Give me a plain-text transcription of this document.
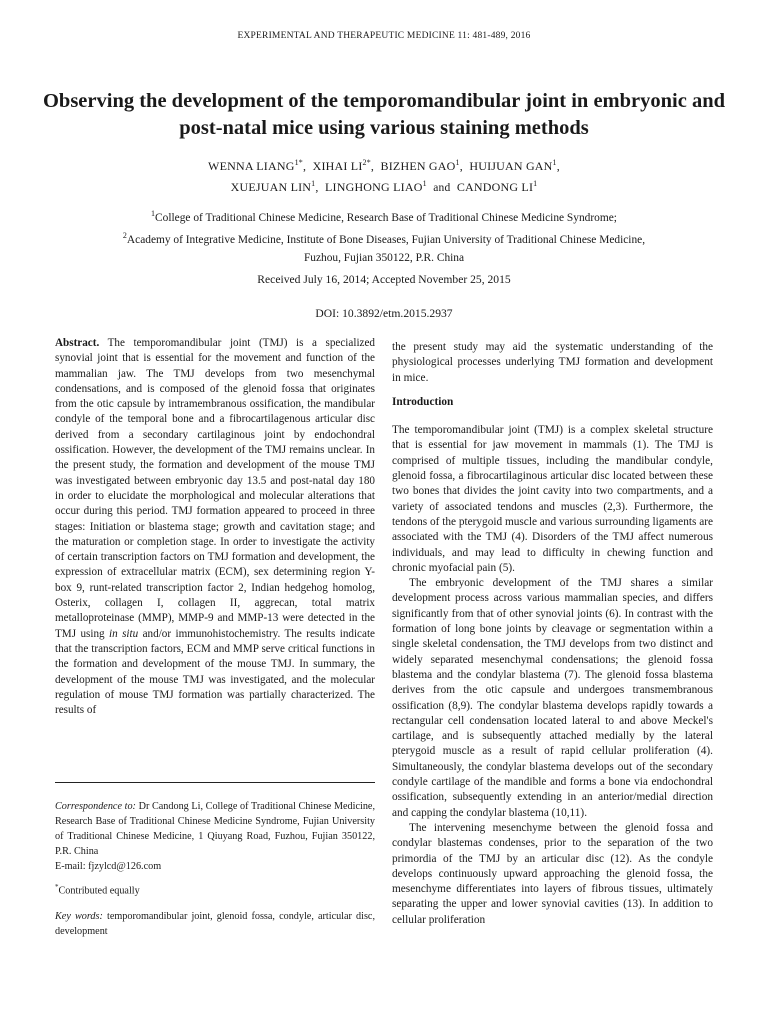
EXPERIMENTAL AND THERAPEUTIC MEDICINE 11: 481-489, 2016
Observing the development of the temporomandibular joint in embryonic and post-natal mice using various staining methods
WENNA $LIANG^{1*}$,  XIHAI $LI^{2*}$,  BIZHEN GAO$^1$,  HUIJUAN GAN$^1$,
XUEJUAN LIN$^1$,  LINGHONG LIAO$^1$ and CANDONG $LI^1$
$^1$College of Traditional Chinese Medicine, Research Base of Traditional Chinese Medicine Syndrome;
$^2$Academy of Integrative Medicine, Institute of Bone Diseases, Fujian University of Traditional Chinese Medicine,
Fuzhou, Fujian 350122, P.R. China
Received July 16, 2014; Accepted November 25, 2015
DOI: 10.3892/etm.2015.2937

Abstract. The temporomandibular joint (TMJ) is a specialized synovial joint that is essential for the movement and function of the mammalian jaw. The TMJ develops from two mesenchymal condensations, and is composed of the glenoid fossa that originates from the otic capsule by intramembranous ossification, the mandibular condyle of the temporal bone and a fibrocartilagenous articular disc derived from a secondary cartilaginous joint by endochondral ossification. However, the development of the TMJ remains unclear. In the present study, the formation and development of the mouse TMJ was investigated between embryonic day 13.5 and post-natal day 180 in order to elucidate the morphological and molecular alterations that occur during this period. TMJ formation appeared to proceed in three stages: Initiation or blastema stage; growth and cavitation stage; and the maturation or completion stage. In order to investigate the activity of certain transcription factors on TMJ formation and development, the expression of extracellular matrix (ECM), sex determining region Y-box 9, runt-related transcription factor 2, Indian hedgehog homolog, Osterix, collagen I, collagen II, aggrecan, total matrix metalloproteinase (MMP), MMP-9 and MMP-13 were detected in the TMJ using in situ and/or immunohistochemistry. The results indicate that the transcription factors, ECM and MMP serve critical functions in the formation and development of the mouse TMJ. In summary, the development of the mouse TMJ was investigated, and the molecular regulation of mouse TMJ formation was partially characterized. The results of

Correspondence to: Dr Candong Li, College of Traditional Chinese Medicine, Research Base of Traditional Chinese Medicine Syndrome, Fujian University of Traditional Chinese Medicine, 1 Qiuyang Road, Fuzhou, Fujian 350122, P.R. China
E-mail: fjzylcd@126.com
*Contributed equally
Key words: temporomandibular joint, glenoid fossa, condyle, articular disc, development

the present study may aid the systematic understanding of the physiological processes underlying TMJ formation and development in mice.

Introduction

The temporomandibular joint (TMJ) is a complex skeletal structure that is essential for jaw movement in mammals (1). The TMJ is comprised of multiple tissues, including the mandibular condyle, glenoid fossa, a fibrocartilaginous articular disc located between these two bones that divides the joint cavity into two compartments, and a variety of associated tendons and muscles (2,3). Furthermore, the tendons of the pterygoid muscle and various surrounding ligaments are associated with the TMJ (4). Disorders of the TMJ affect numerous individuals, and may lead to difficulty in chewing function and chronic myofacial pain (5).

The embryonic development of the TMJ shares a similar development process across various mammalian species, and differs significantly from that of other synovial joints (6). In contrast with the formation of long bone joints by cleavage or segmentation within a single skeletal condensation, the TMJ develops from two distinct and widely separated mesenchymal condensations; the glenoid fossa blastema and the condylar blastema (7). The glenoid fossa blastema derives from the otic capsule and undergoes transmembranous ossification (8,9). The condylar blastema develops rapidly towards a rectangular cell condensation located lateral to and above Meckel's cartilage, and is subsequently attached medially by the lateral pterygoid muscle as a result of rapid cellular proliferation (4). Simultaneously, the condylar blastema develops out of the secondary condyle cartilage of the mandible and forms a bone via endochondral ossification, subsequently extending in an anterior/medial direction and capping the condylar blastema (10,11).

The intervening mesenchyme between the glenoid fossa and condylar blastemas condenses, prior to the separation of the two primordia of the TMJ by an articular disc (12). As the condyle develops continuously upward approaching the glenoid fossa, the mesenchyme differentiates into layers of fibrous tissues, ultimately separating the upper and lower synovial cavities (13). In addition to cellular proliferation
